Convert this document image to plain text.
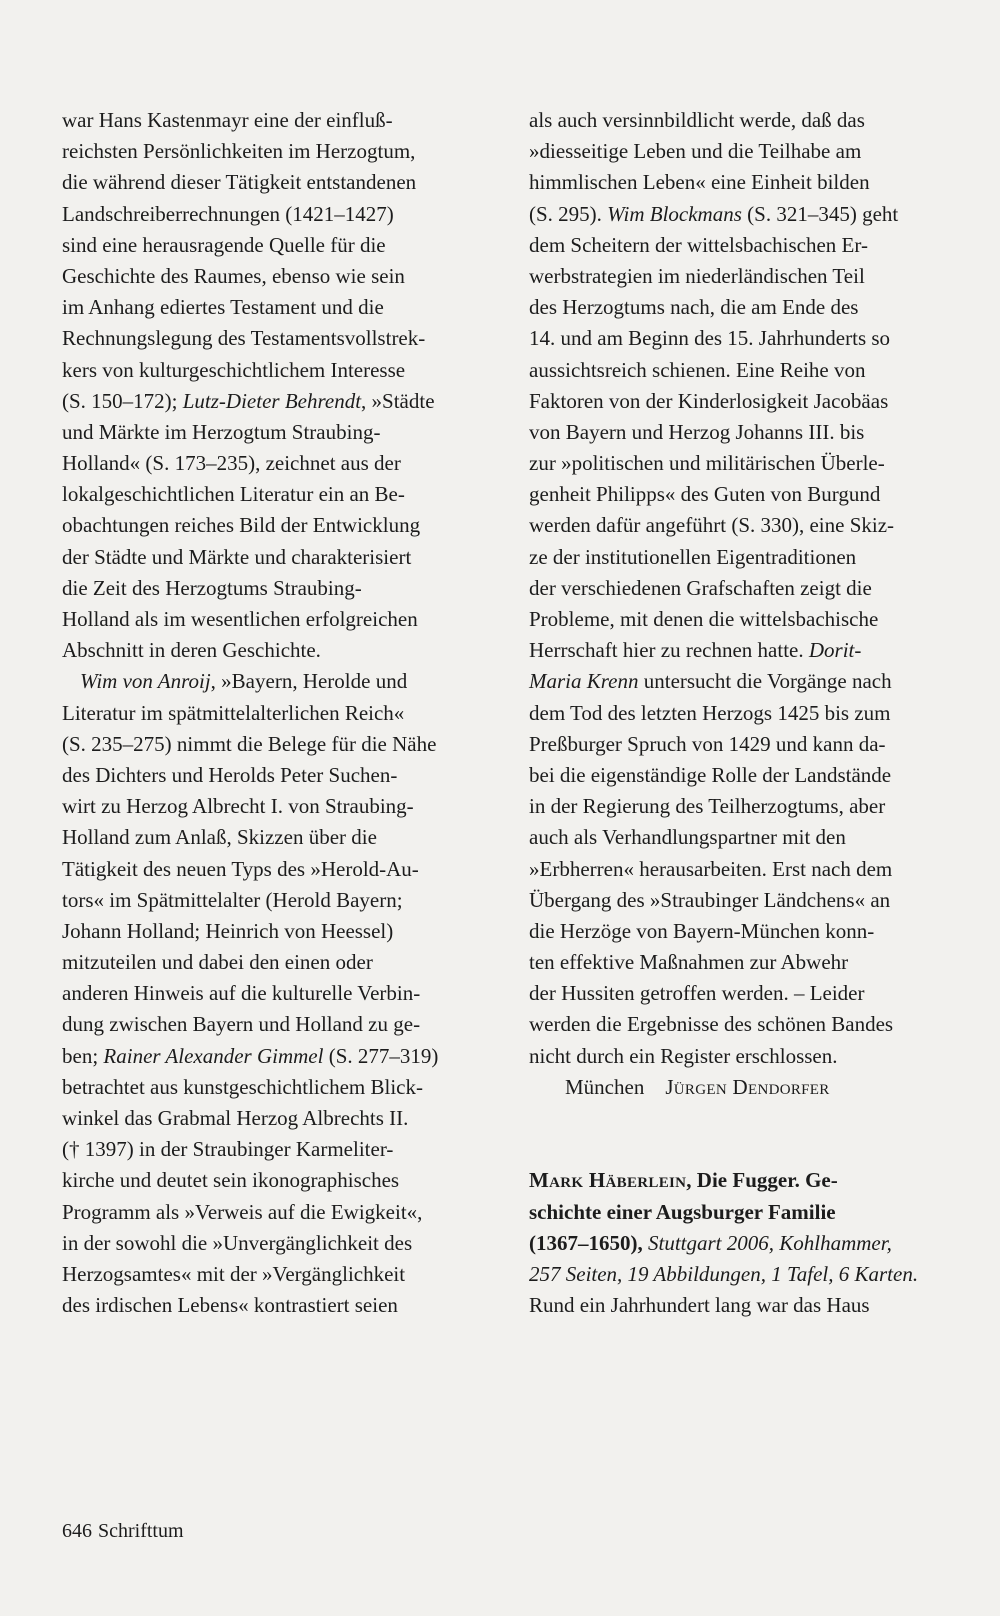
war Hans Kastenmayr eine der einfluß-
reichsten Persönlichkeiten im Herzogtum,
die während dieser Tätigkeit entstandenen
Landschreiberrechnungen (1421–1427)
sind eine herausragende Quelle für die
Geschichte des Raumes, ebenso wie sein
im Anhang ediertes Testament und die
Rechnungslegung des Testamentsvollstrek-
kers von kulturgeschichtlichem Interesse
(S. 150–172); Lutz-Dieter Behrendt, »Städte
und Märkte im Herzogtum Straubing-
Holland« (S. 173–235), zeichnet aus der
lokalgeschichtlichen Literatur ein an Be-
obachtungen reiches Bild der Entwicklung
der Städte und Märkte und charakterisiert
die Zeit des Herzogtums Straubing-
Holland als im wesentlichen erfolgreichen
Abschnitt in deren Geschichte.
Wim von Anroij, »Bayern, Herolde und
Literatur im spätmittelalterlichen Reich«
(S. 235–275) nimmt die Belege für die Nähe
des Dichters und Herolds Peter Suchen-
wirt zu Herzog Albrecht I. von Straubing-
Holland zum Anlaß, Skizzen über die
Tätigkeit des neuen Typs des »Herold-Au-
tors« im Spätmittelalter (Herold Bayern;
Johann Holland; Heinrich von Heessel)
mitzuteilen und dabei den einen oder
anderen Hinweis auf die kulturelle Verbin-
dung zwischen Bayern und Holland zu ge-
ben; Rainer Alexander Gimmel (S. 277–319)
betrachtet aus kunstgeschichtlichem Blick-
winkel das Grabmal Herzog Albrechts II.
(† 1397) in der Straubinger Karmeliter-
kirche und deutet sein ikonographisches
Programm als »Verweis auf die Ewigkeit«,
in der sowohl die »Unvergänglichkeit des
Herzogsamtes« mit der »Vergänglichkeit
des irdischen Lebens« kontrastiert seien
als auch versinnbildlicht werde, daß das
»diesseitige Leben und die Teilhabe am
himmlischen Leben« eine Einheit bilden
(S. 295). Wim Blockmans (S. 321–345) geht
dem Scheitern der wittelsbachischen Er-
werbstrategien im niederländischen Teil
des Herzogtums nach, die am Ende des
14. und am Beginn des 15. Jahrhunderts so
aussichtsreich schienen. Eine Reihe von
Faktoren von der Kinderlosigkeit Jacobäas
von Bayern und Herzog Johanns III. bis
zur »politischen und militärischen Überle-
genheit Philipps« des Guten von Burgund
werden dafür angeführt (S. 330), eine Skiz-
ze der institutionellen Eigentraditionen
der verschiedenen Grafschaften zeigt die
Probleme, mit denen die wittelsbachische
Herrschaft hier zu rechnen hatte. Dorit-
Maria Krenn untersucht die Vorgänge nach
dem Tod des letzten Herzogs 1425 bis zum
Preßburger Spruch von 1429 und kann da-
bei die eigenständige Rolle der Landstände
in der Regierung des Teilherzogtums, aber
auch als Verhandlungspartner mit den
»Erbherren« herausarbeiten. Erst nach dem
Übergang des »Straubinger Ländchens« an
die Herzöge von Bayern-München konn-
ten effektive Maßnahmen zur Abwehr
der Hussiten getroffen werden. – Leider
werden die Ergebnisse des schönen Bandes
nicht durch ein Register erschlossen.
München Jürgen Dendorfer
Mark Häberlein, Die Fugger. Ge-
schichte einer Augsburger Familie
(1367–1650), Stuttgart 2006, Kohlhammer,
257 Seiten, 19 Abbildungen, 1 Tafel, 6 Karten.
Rund ein Jahrhundert lang war das Haus
646 Schrifttum
